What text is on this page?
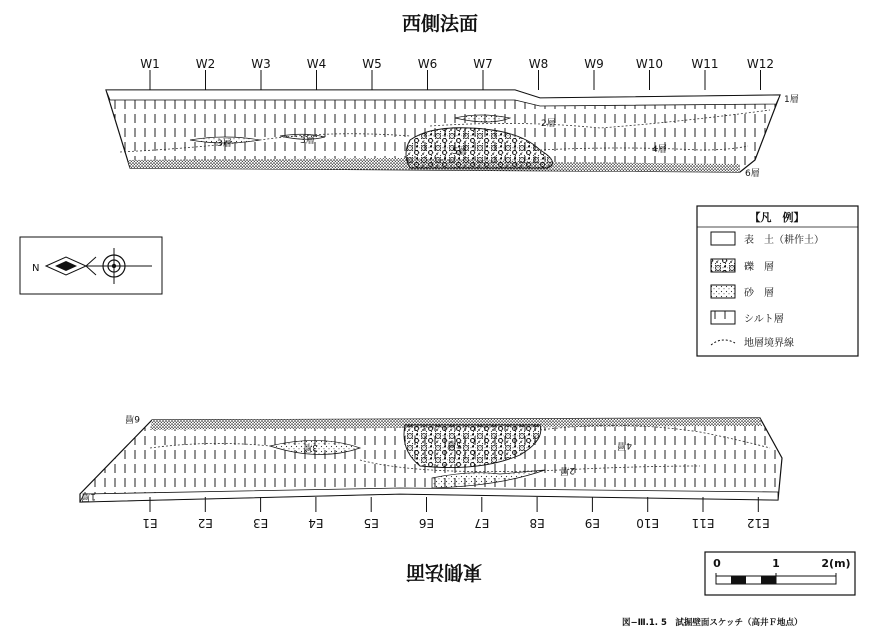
西側法面
W1	W2	W3	W4	W5	W6	W7	W8	W9	W10 W11 W12
1層
2層
3層	3層
4層
5層
6層
N
【凡　例】
表　土（耕作土）
礫　層
砂　層
シルト層
地層境界線
E1	E2	E3	E4	E5	E6	E7	E8	E9	E10	E11	E12
6層
5層
3層	4層
2層
1層
東側法面	0	1	2(m)
図−Ⅲ.1. 5　試掘壁面スケッチ（高井Ｆ地点）
